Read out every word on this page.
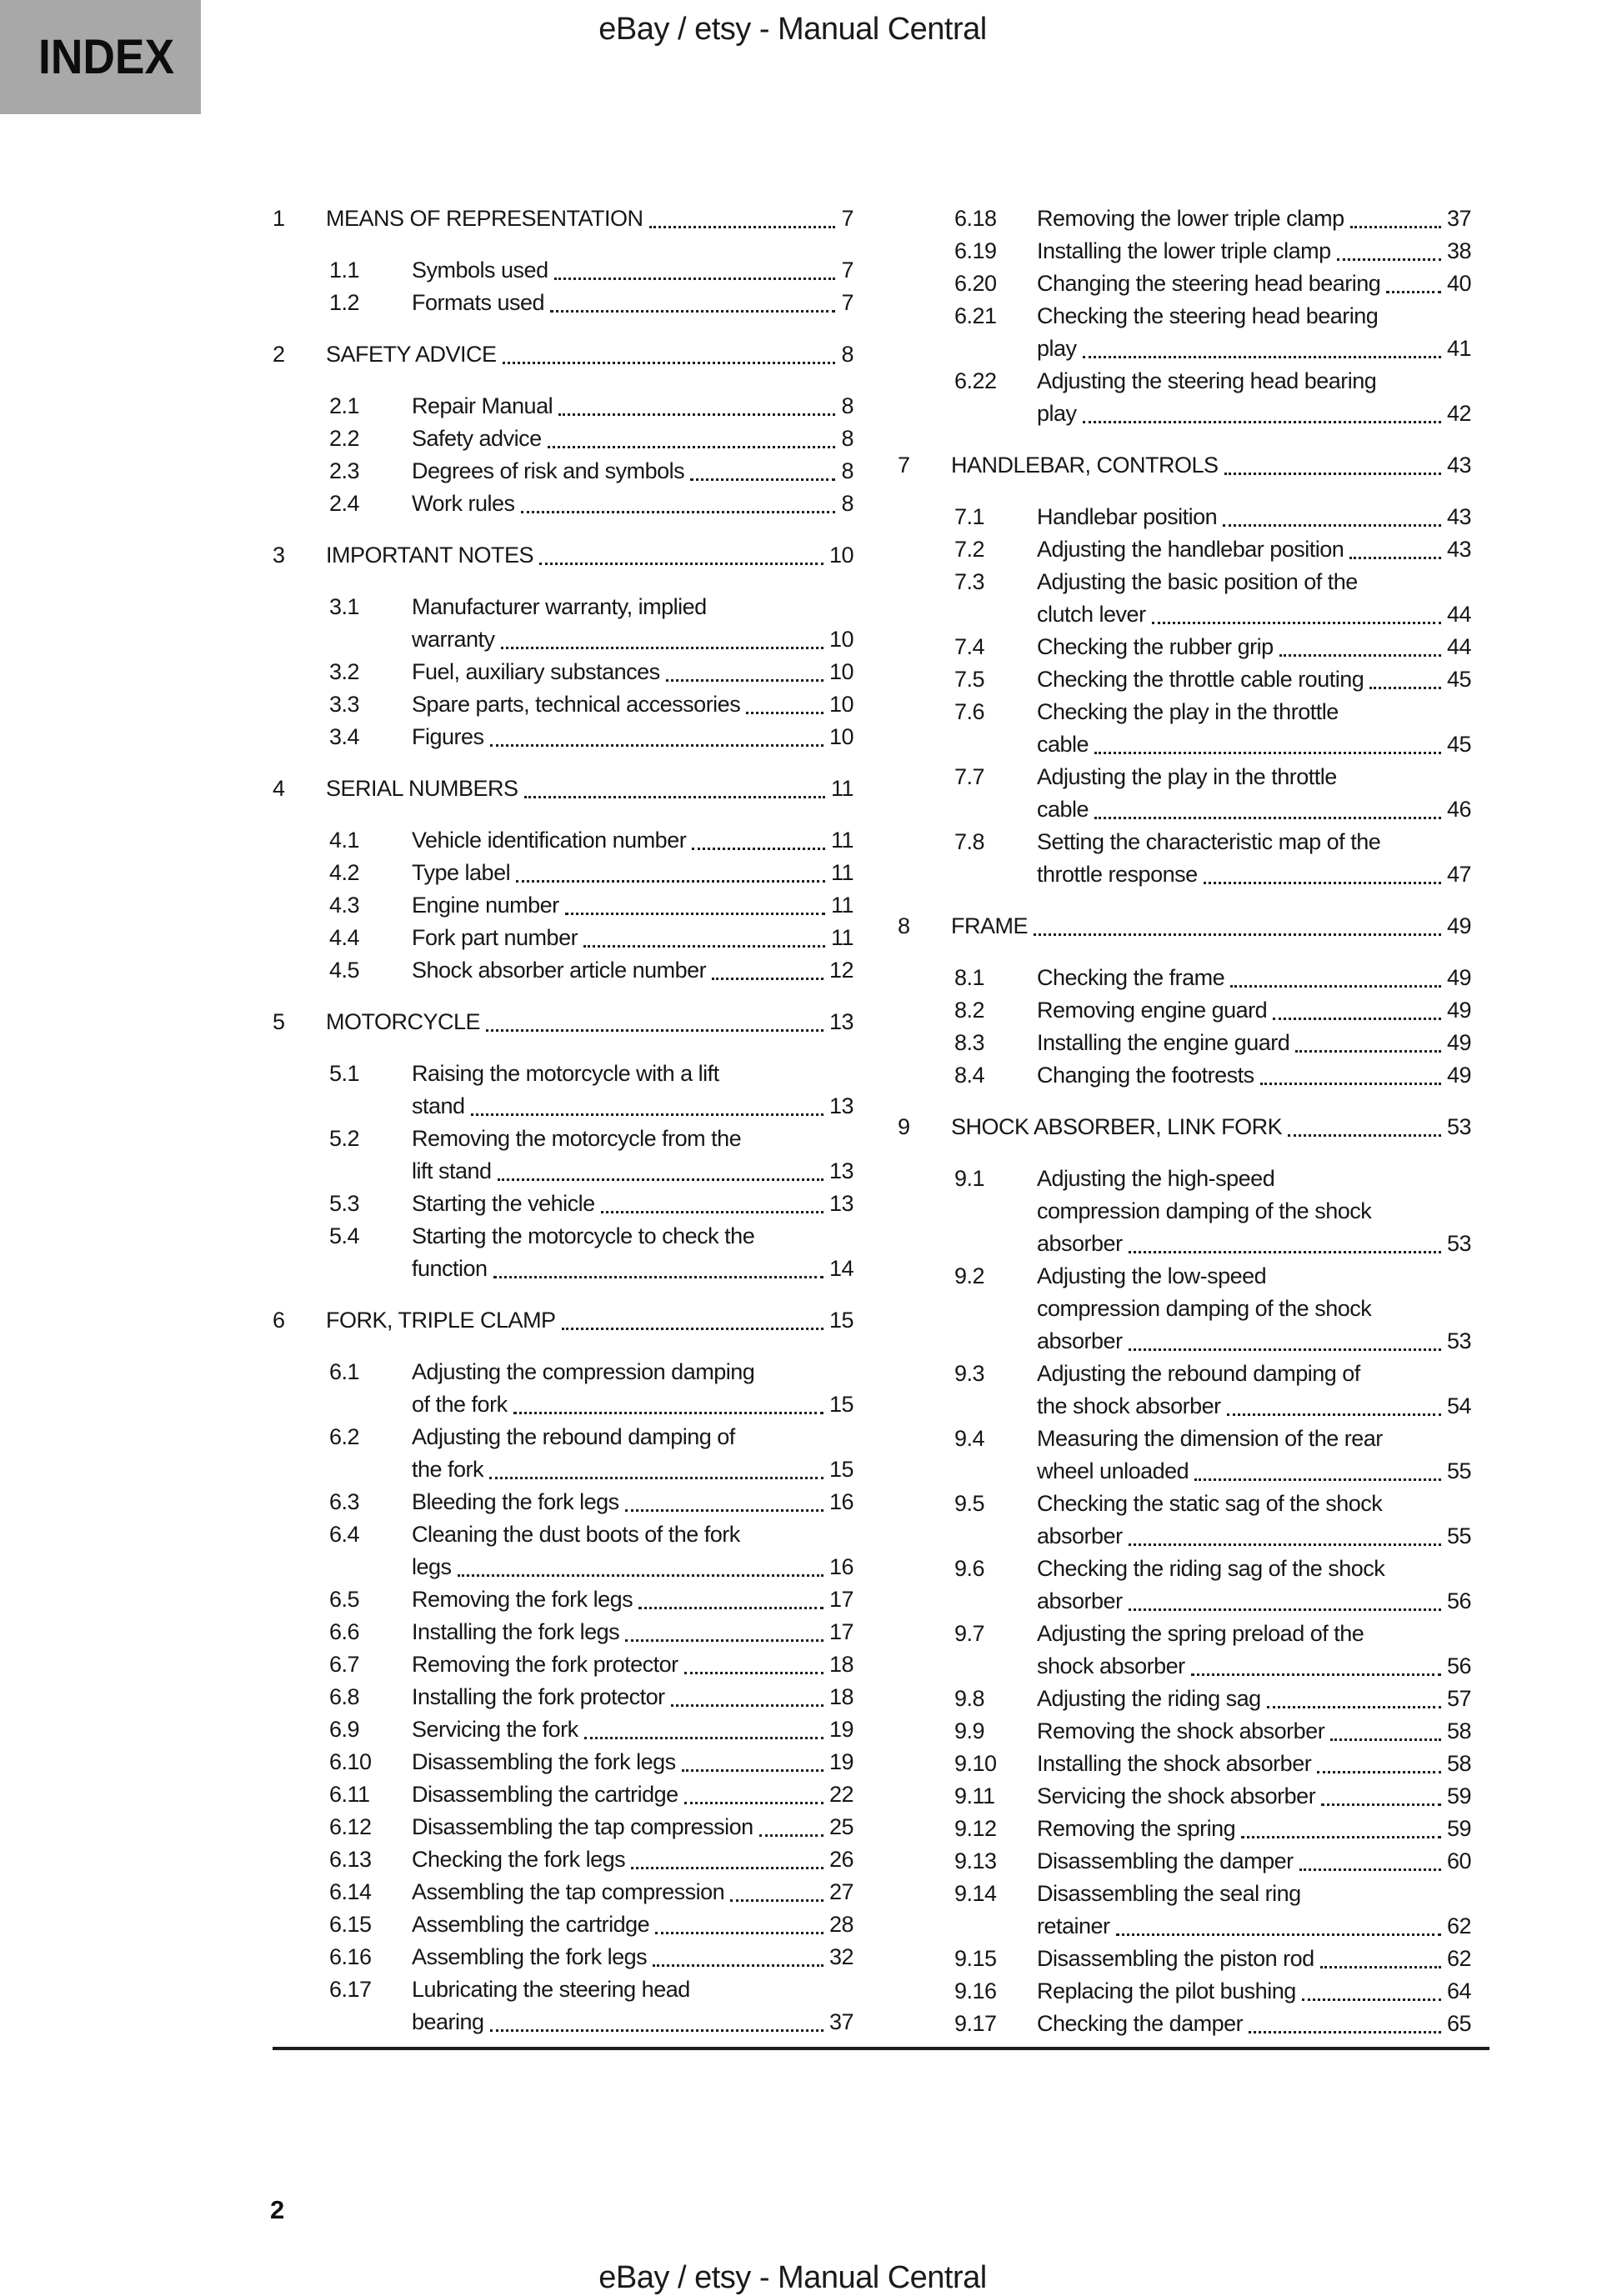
INDEX
eBay / etsy - Manual Central
1	MEANS OF REPRESENTATION	7
1.1	Symbols used	7
1.2	Formats used	7
2	SAFETY ADVICE	8
2.1	Repair Manual	8
2.2	Safety advice	8
2.3	Degrees of risk and symbols	8
2.4	Work rules	8
3	IMPORTANT NOTES	10
3.1	Manufacturer warranty, implied
warranty	10
3.2	Fuel, auxiliary substances	10
3.3	Spare parts, technical accessories	10
3.4	Figures	10
4	SERIAL NUMBERS	11
4.1	Vehicle identification number	11
4.2	Type label	11
4.3	Engine number	11
4.4	Fork part number	11
4.5	Shock absorber article number	12
5	MOTORCYCLE	13
5.1	Raising the motorcycle with a lift
stand	13
5.2	Removing the motorcycle from the
lift stand	13
5.3	Starting the vehicle	13
5.4	Starting the motorcycle to check the
function	14
6	FORK, TRIPLE CLAMP	15
6.1	Adjusting the compression damping
of the fork	15
6.2	Adjusting the rebound damping of
the fork	15
6.3	Bleeding the fork legs	16
6.4	Cleaning the dust boots of the fork
legs	16
6.5	Removing the fork legs	17
6.6	Installing the fork legs	17
6.7	Removing the fork protector	18
6.8	Installing the fork protector	18
6.9	Servicing the fork	19
6.10	Disassembling the fork legs	19
6.11	Disassembling the cartridge	22
6.12	Disassembling the tap compression	25
6.13	Checking the fork legs	26
6.14	Assembling the tap compression	27
6.15	Assembling the cartridge	28
6.16	Assembling the fork legs	32
6.17	Lubricating the steering head
bearing	37
6.18	Removing the lower triple clamp	37
6.19	Installing the lower triple clamp	38
6.20	Changing the steering head bearing	40
6.21	Checking the steering head bearing
play	41
6.22	Adjusting the steering head bearing
play	42
7	HANDLEBAR, CONTROLS	43
7.1	Handlebar position	43
7.2	Adjusting the handlebar position	43
7.3	Adjusting the basic position of the
clutch lever	44
7.4	Checking the rubber grip	44
7.5	Checking the throttle cable routing	45
7.6	Checking the play in the throttle
cable	45
7.7	Adjusting the play in the throttle
cable	46
7.8	Setting the characteristic map of the
throttle response	47
8	FRAME	49
8.1	Checking the frame	49
8.2	Removing engine guard	49
8.3	Installing the engine guard	49
8.4	Changing the footrests	49
9	SHOCK ABSORBER, LINK FORK	53
9.1	Adjusting the high-speed
compression damping of the shock
absorber	53
9.2	Adjusting the low-speed
compression damping of the shock
absorber	53
9.3	Adjusting the rebound damping of
the shock absorber	54
9.4	Measuring the dimension of the rear
wheel unloaded	55
9.5	Checking the static sag of the shock
absorber	55
9.6	Checking the riding sag of the shock
absorber	56
9.7	Adjusting the spring preload of the
shock absorber	56
9.8	Adjusting the riding sag	57
9.9	Removing the shock absorber	58
9.10	Installing the shock absorber	58
9.11	Servicing the shock absorber	59
9.12	Removing the spring	59
9.13	Disassembling the damper	60
9.14	Disassembling the seal ring
retainer	62
9.15	Disassembling the piston rod	62
9.16	Replacing the pilot bushing	64
9.17	Checking the damper	65
2
eBay / etsy - Manual Central
